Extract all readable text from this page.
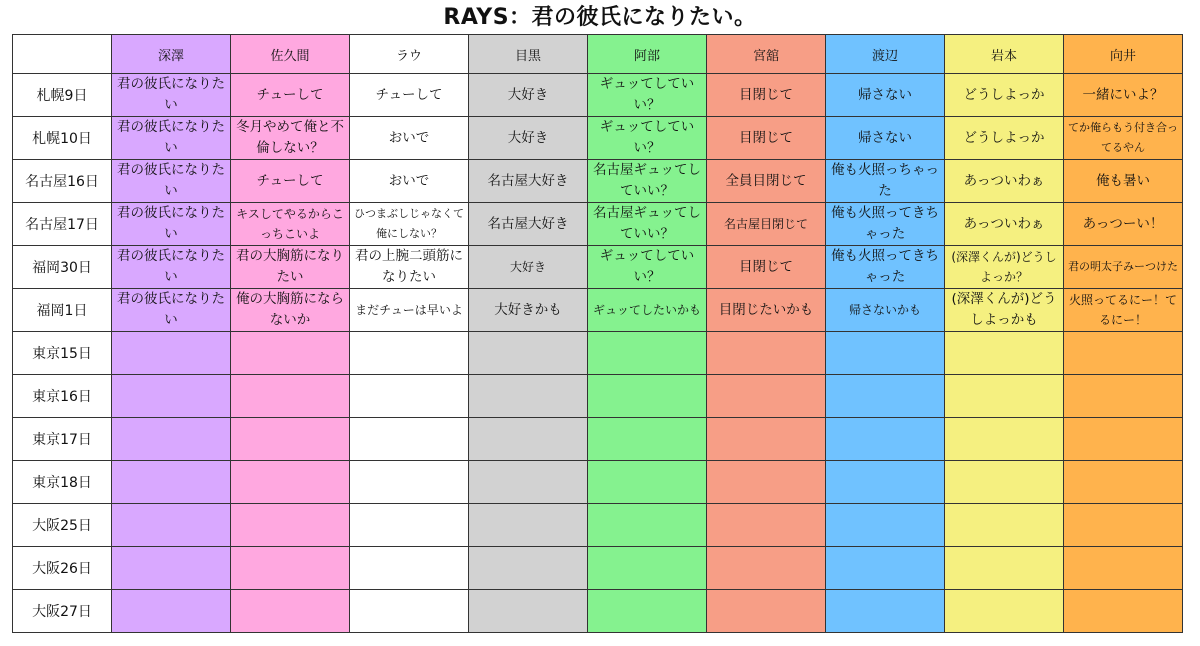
RAYS：君の彼氏になりたい。
	深澤	佐久間	ラウ	目黒	阿部	宮舘	渡辺	岩本	向井
札幌9日	君の彼氏になりたい	チューして	チューして	大好き	ギュッてしていい？	目閉じて	帰さない	どうしよっか	一緒にいよ？
札幌10日	君の彼氏になりたい	冬月やめて俺と不倫しない？	おいで	大好き	ギュッてしていい？	目閉じて	帰さない	どうしよっか	てか俺らもう付き合ってるやん
名古屋16日	君の彼氏になりたい	チューして	おいで	名古屋大好き	名古屋ギュッてしていい？	全員目閉じて	俺も火照っちゃった	あっついわぁ	俺も暑い
名古屋17日	君の彼氏になりたい	キスしてやるからこっちこいよ	ひつまぶしじゃなくて俺にしない？	名古屋大好き	名古屋ギュッてしていい？	名古屋目閉じて	俺も火照ってきちゃった	あっついわぁ	あっつーい！
福岡30日	君の彼氏になりたい	君の大胸筋になりたい	君の上腕二頭筋になりたい	大好き	ギュッてしていい？	目閉じて	俺も火照ってきちゃった	(深澤くんが)どうしよっか？	君の明太子みーつけた
福岡1日	君の彼氏になりたい	俺の大胸筋にならないか	まだチューは早いよ	大好きかも	ギュッてしたいかも	目閉じたいかも	帰さないかも	(深澤くんが)どうしよっかも	火照ってるにー！てるにー！
東京15日									
東京16日									
東京17日									
東京18日									
大阪25日									
大阪26日									
大阪27日									
